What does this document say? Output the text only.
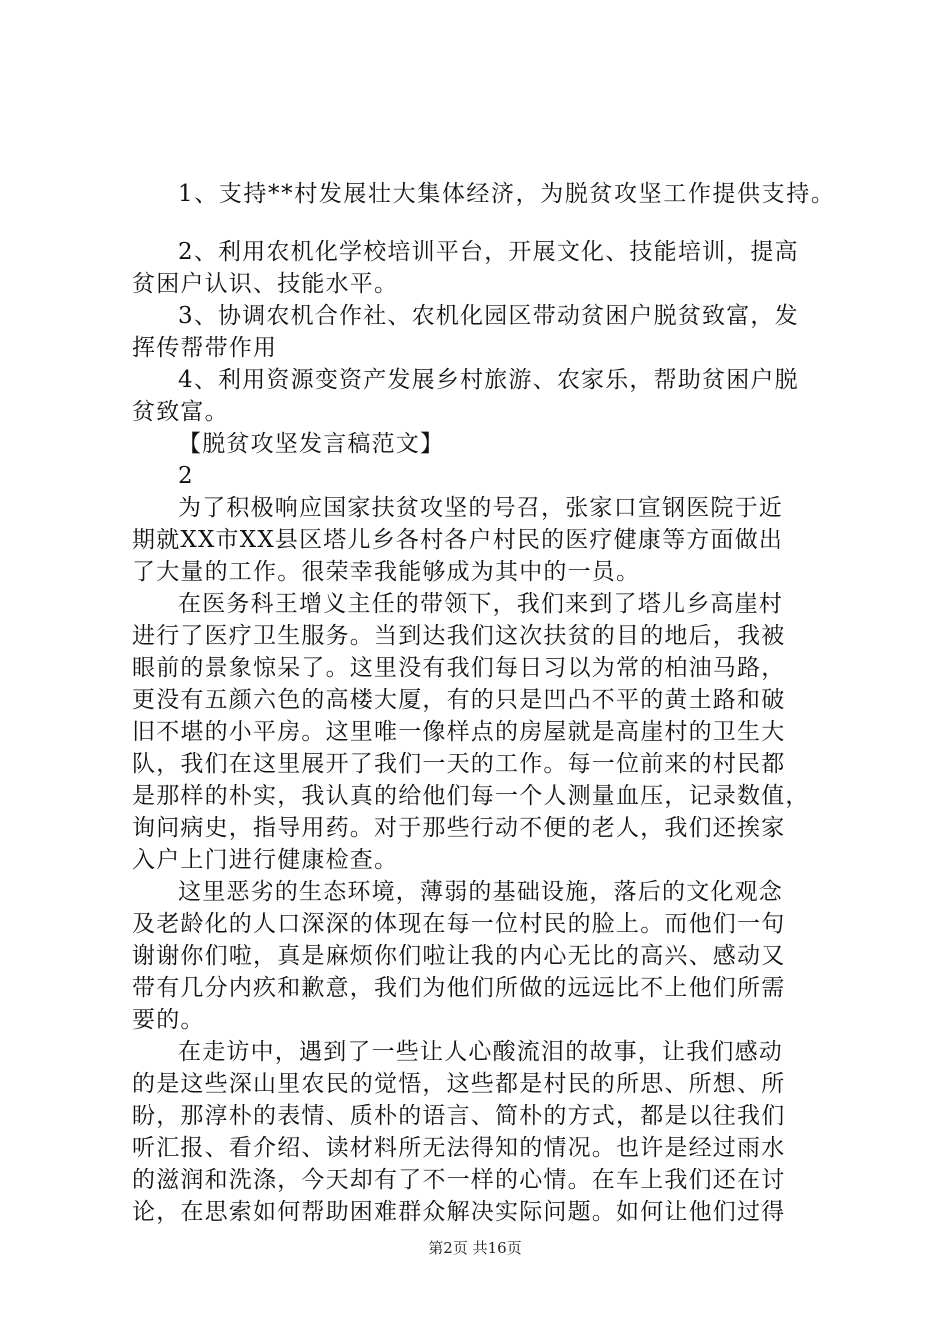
1、支持**村发展壮大集体经济，为脱贫攻坚工作提供支持。
2、利用农机化学校培训平台，开展文化、技能培训，提高
贫困户认识、技能水平。
3、协调农机合作社、农机化园区带动贫困户脱贫致富，发
挥传帮带作用
4、利用资源变资产发展乡村旅游、农家乐，帮助贫困户脱
贫致富。
【脱贫攻坚发言稿范文】
2
为了积极响应国家扶贫攻坚的号召，张家口宣钢医院于近
期就XX市XX县区塔儿乡各村各户村民的医疗健康等方面做出
了大量的工作。很荣幸我能够成为其中的一员。
在医务科王增义主任的带领下，我们来到了塔儿乡高崖村
进行了医疗卫生服务。当到达我们这次扶贫的目的地后，我被
眼前的景象惊呆了。这里没有我们每日习以为常的柏油马路，
更没有五颜六色的高楼大厦，有的只是凹凸不平的黄土路和破
旧不堪的小平房。这里唯一像样点的房屋就是高崖村的卫生大
队，我们在这里展开了我们一天的工作。每一位前来的村民都
是那样的朴实，我认真的给他们每一个人测量血压，记录数值，
询问病史，指导用药。对于那些行动不便的老人，我们还挨家
入户上门进行健康检查。
这里恶劣的生态环境，薄弱的基础设施，落后的文化观念
及老龄化的人口深深的体现在每一位村民的脸上。而他们一句
谢谢你们啦，真是麻烦你们啦让我的内心无比的高兴、感动又
带有几分内疚和歉意，我们为他们所做的远远比不上他们所需
要的。
在走访中，遇到了一些让人心酸流泪的故事，让我们感动
的是这些深山里农民的觉悟，这些都是村民的所思、所想、所
盼，那淳朴的表情、质朴的语言、简朴的方式，都是以往我们
听汇报、看介绍、读材料所无法得知的情况。也许是经过雨水
的滋润和洗涤，今天却有了不一样的心情。在车上我们还在讨
论，在思索如何帮助困难群众解决实际问题。如何让他们过得
第2页 共16页
